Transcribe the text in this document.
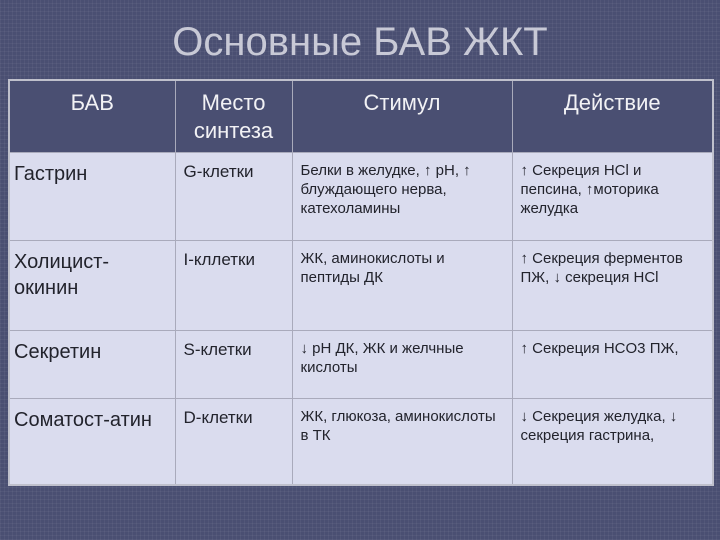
Основные БАВ ЖКТ
БАВ	Место синтеза	Стимул	Действие
Гастрин	G-клетки	Белки в желудке, ↑ pH, ↑ блуждающего нерва, катехоламины	↑ Секреция HCl и пепсина, ↑моторика желудка
Холицист-окинин	I-кллетки	ЖК, аминокислоты и пептиды ДК	↑ Секреция ферментов ПЖ, ↓ секреция HCl
Секретин	S-клетки	↓ pH ДК, ЖК и желчные кислоты	↑ Секреция HCO3 ПЖ,
Соматост-атин	D-клетки	ЖК, глюкоза, аминокислоты в ТК	↓ Секреция желудка, ↓ секреция гастрина,
